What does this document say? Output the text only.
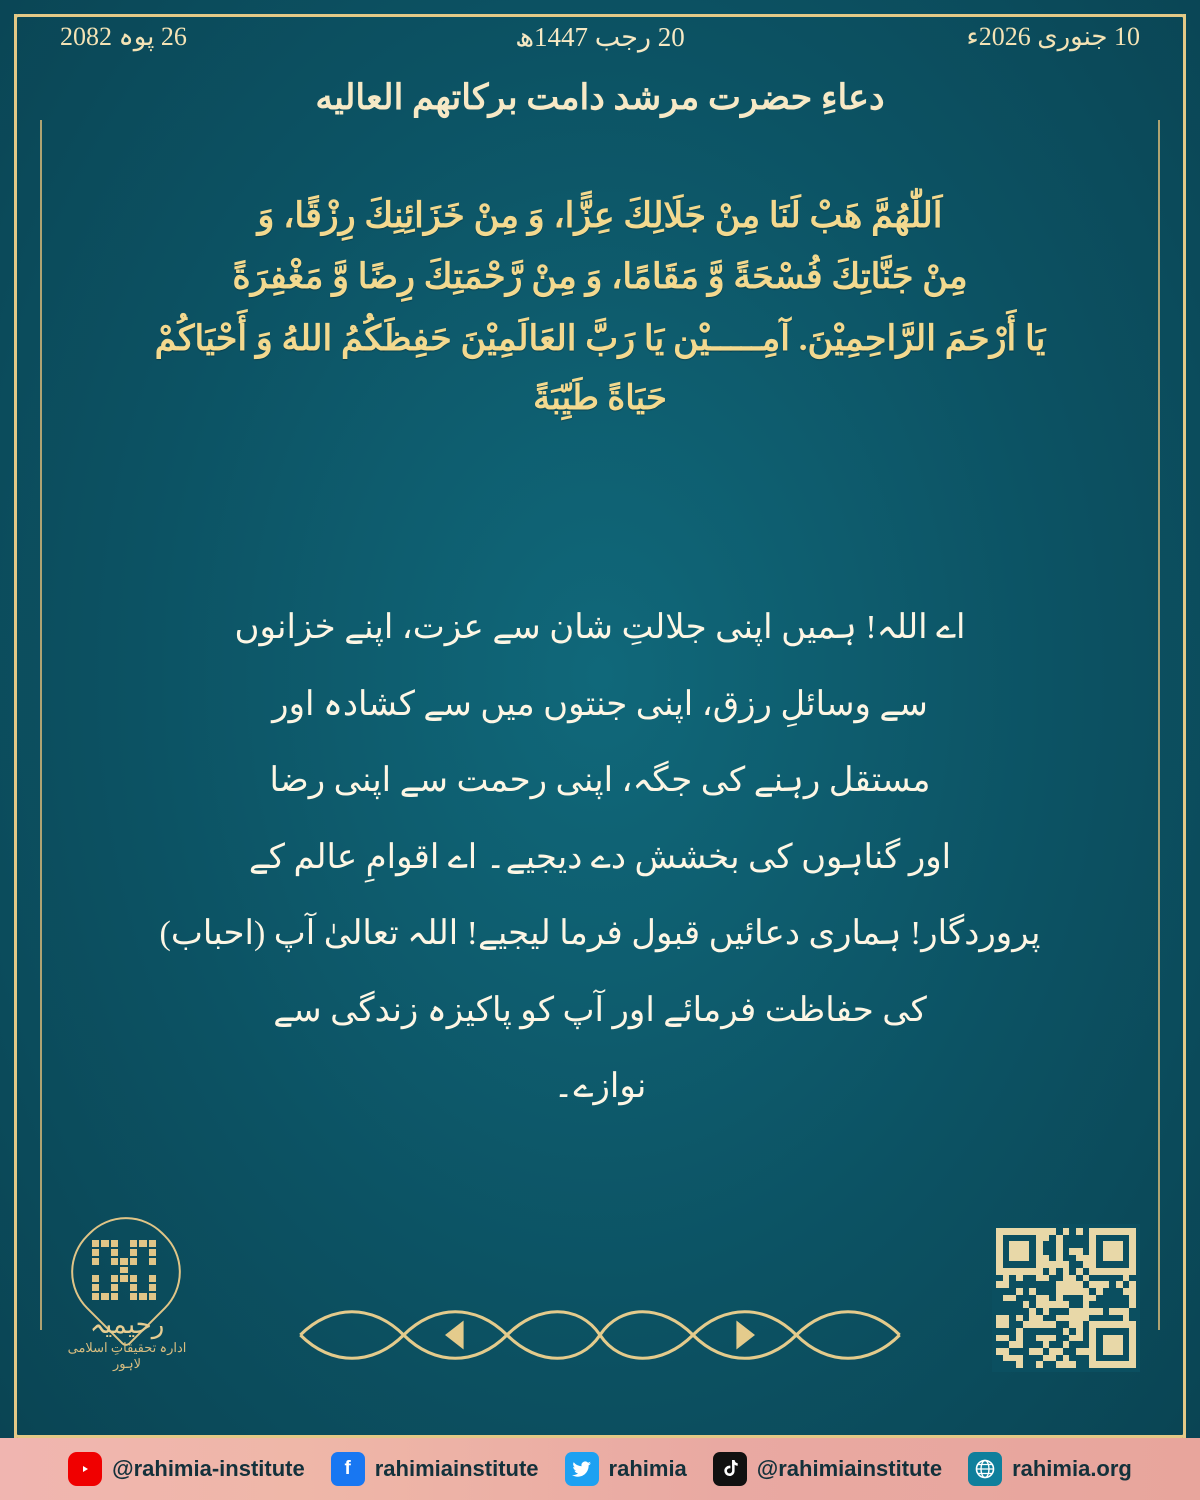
10 جنوری 2026ء
20 رجب 1447ھ
26 پوہ 2082
دعاءِ حضرت مرشد دامت بركاتهم العاليه
اَللّٰهُمَّ هَبْ لَنَا مِنْ جَلَالِكَ عِزًّا، وَ مِنْ خَزَائِنِكَ رِزْقًا، وَ
مِنْ جَنَّاتِكَ فُسْحَةً وَّ مَقَامًا، وَ مِنْ رَّحْمَتِكَ رِضًا وَّ مَغْفِرَةً
يَا أَرْحَمَ الرَّاحِمِيْنَ. آمِـــــيْن يَا رَبَّ العَالَمِيْنَ حَفِظَكُمُ اللهُ وَ أَحْيَاكُمْ
حَيَاةً طَيِّبَةً
اے اللہ! ہمیں اپنی جلالتِ شان سے عزت، اپنے خزانوں
سے وسائلِ رزق، اپنی جنتوں میں سے کشادہ اور
مستقل رہنے کی جگہ، اپنی رحمت سے اپنی رضا
اور گناہوں کی بخشش دے دیجیے۔ اے اقوامِ عالم کے
پروردگار! ہماری دعائیں قبول فرما لیجیے! اللہ تعالیٰ آپ (احباب)
کی حفاظت فرمائے اور آپ کو پاکیزہ زندگی سے
نوازے۔
رحیمیہ
ادارہ تحقیقاتِ اسلامی لاہور
@rahimia-institute	f	rahimiainstitute	rahimia	@rahimiainstitute	rahimia.org
